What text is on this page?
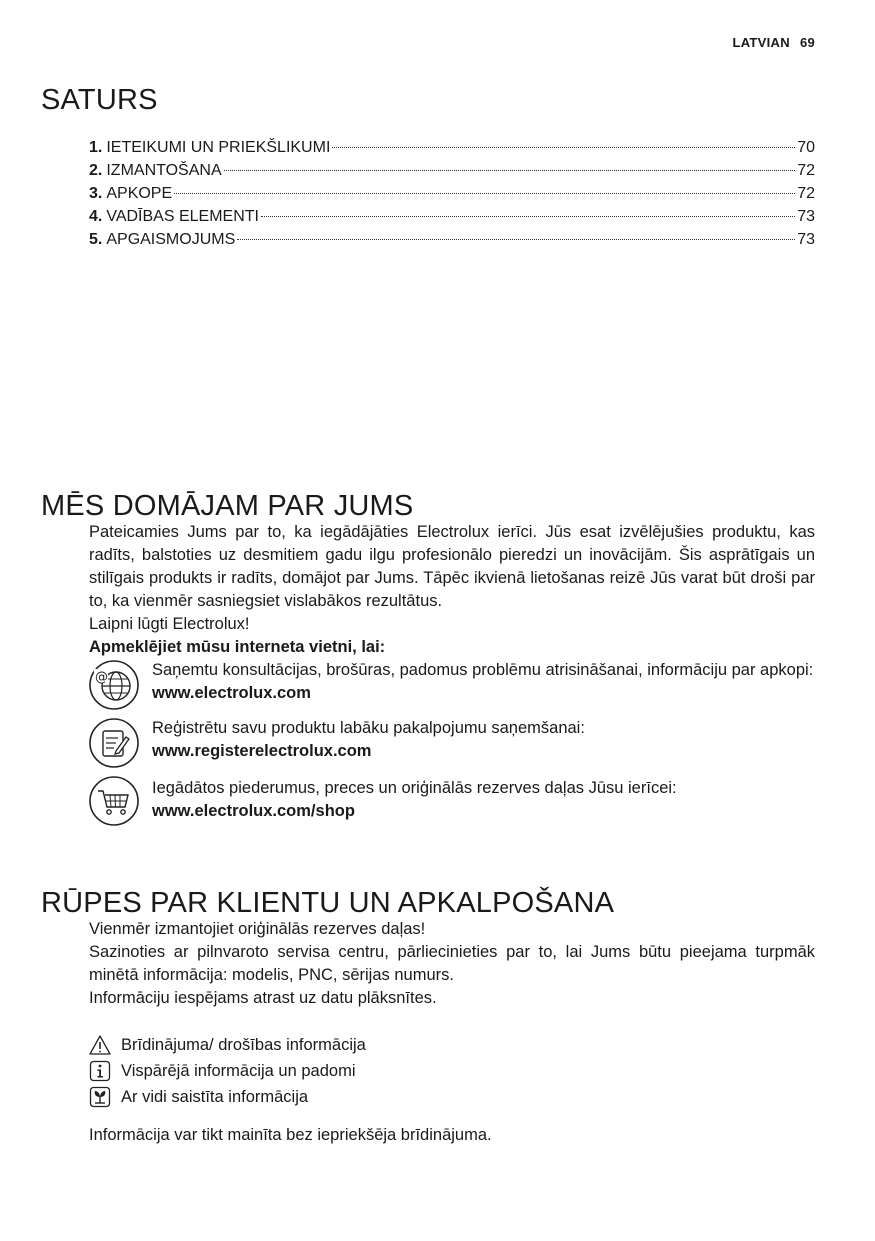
LATVIAN 69
SATURS
1. IETEIKUMI UN PRIEKŠLIKUMI	70
2. IZMANTOŠANA	72
3. APKOPE	72
4. VADĪBAS ELEMENTI	73
5. APGAISMOJUMS	73
MĒS DOMĀJAM PAR JUMS
Pateicamies Jums par to, ka iegādājāties Electrolux ierīci. Jūs esat izvēlējušies produktu, kas radīts, balstoties uz desmitiem gadu ilgu profesionālo pieredzi un inovācijām. Šis asprātīgais un stilīgais produkts ir radīts, domājot par Jums. Tāpēc ikvienā lietošanas reizē Jūs varat būt droši par to, ka vienmēr sasniegsiet vislabākos rezultātus.
Laipni lūgti Electrolux!
Apmeklējiet mūsu interneta vietni, lai:
@	Saņemtu konsultācijas, brošūras, padomus problēmu atrisināšanai, informāciju par apkopi:
www.electrolux.com
Reģistrētu savu produktu labāku pakalpojumu saņemšanai:
www.registerelectrolux.com
Iegādātos piederumus, preces un oriģinālās rezerves daļas Jūsu ierīcei:
www.electrolux.com/shop
RŪPES PAR KLIENTU UN APKALPOŠANA
Vienmēr izmantojiet oriģinālās rezerves daļas!
Sazinoties ar pilnvaroto servisa centru, pārliecinieties par to, lai Jums būtu pieejama turpmāk minētā informācija: modelis, PNC, sērijas numurs.
Informāciju iespējams atrast uz datu plāksnītes.
Brīdinājuma/ drošības informācija
Vispārējā informācija un padomi
Ar vidi saistīta informācija
Informācija var tikt mainīta bez iepriekšēja brīdinājuma.
